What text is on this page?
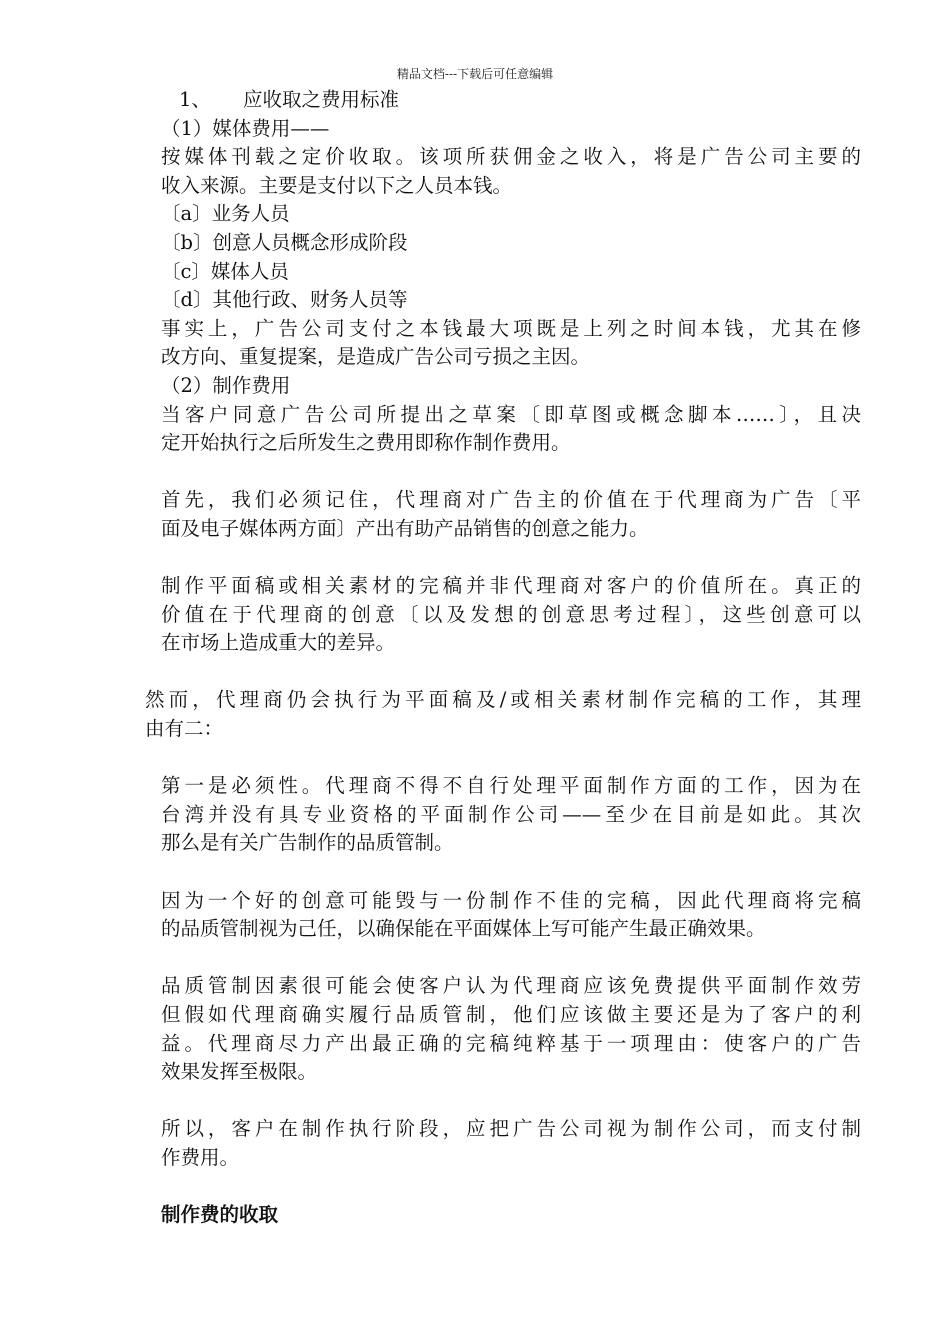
精品文档---下载后可任意编辑
1、 应收取之费用标准
（1）媒体费用——
按媒体刊载之定价收取。该项所获佣金之收入，将是广告公司主要的
收入来源。主要是支付以下之人员本钱。
〔a〕业务人员
〔b〕创意人员概念形成阶段
〔c〕媒体人员
〔d〕其他行政、财务人员等
事实上，广告公司支付之本钱最大项既是上列之时间本钱，尤其在修
改方向、重复提案，是造成广告公司亏损之主因。
（2）制作费用
当客户同意广告公司所提出之草案〔即草图或概念脚本……〕，且决
定开始执行之后所发生之费用即称作制作费用。
首先，我们必须记住，代理商对广告主的价值在于代理商为广告〔平
面及电子媒体两方面〕产出有助产品销售的创意之能力。
制作平面稿或相关素材的完稿并非代理商对客户的价值所在。真正的
价值在于代理商的创意〔以及发想的创意思考过程〕，这些创意可以
在市场上造成重大的差异。
然而，代理商仍会执行为平面稿及/或相关素材制作完稿的工作，其理
由有二：
第一是必须性。代理商不得不自行处理平面制作方面的工作，因为在
台湾并没有具专业资格的平面制作公司——至少在目前是如此。其次
那么是有关广告制作的品质管制。
因为一个好的创意可能毁与一份制作不佳的完稿，因此代理商将完稿
的品质管制视为己任，以确保能在平面媒体上写可能产生最正确效果。
品质管制因素很可能会使客户认为代理商应该免费提供平面制作效劳
但假如代理商确实履行品质管制，他们应该做主要还是为了客户的利
益。代理商尽力产出最正确的完稿纯粹基于一项理由：使客户的广告
效果发挥至极限。
所以，客户在制作执行阶段，应把广告公司视为制作公司，而支付制
作费用。
制作费的收取
